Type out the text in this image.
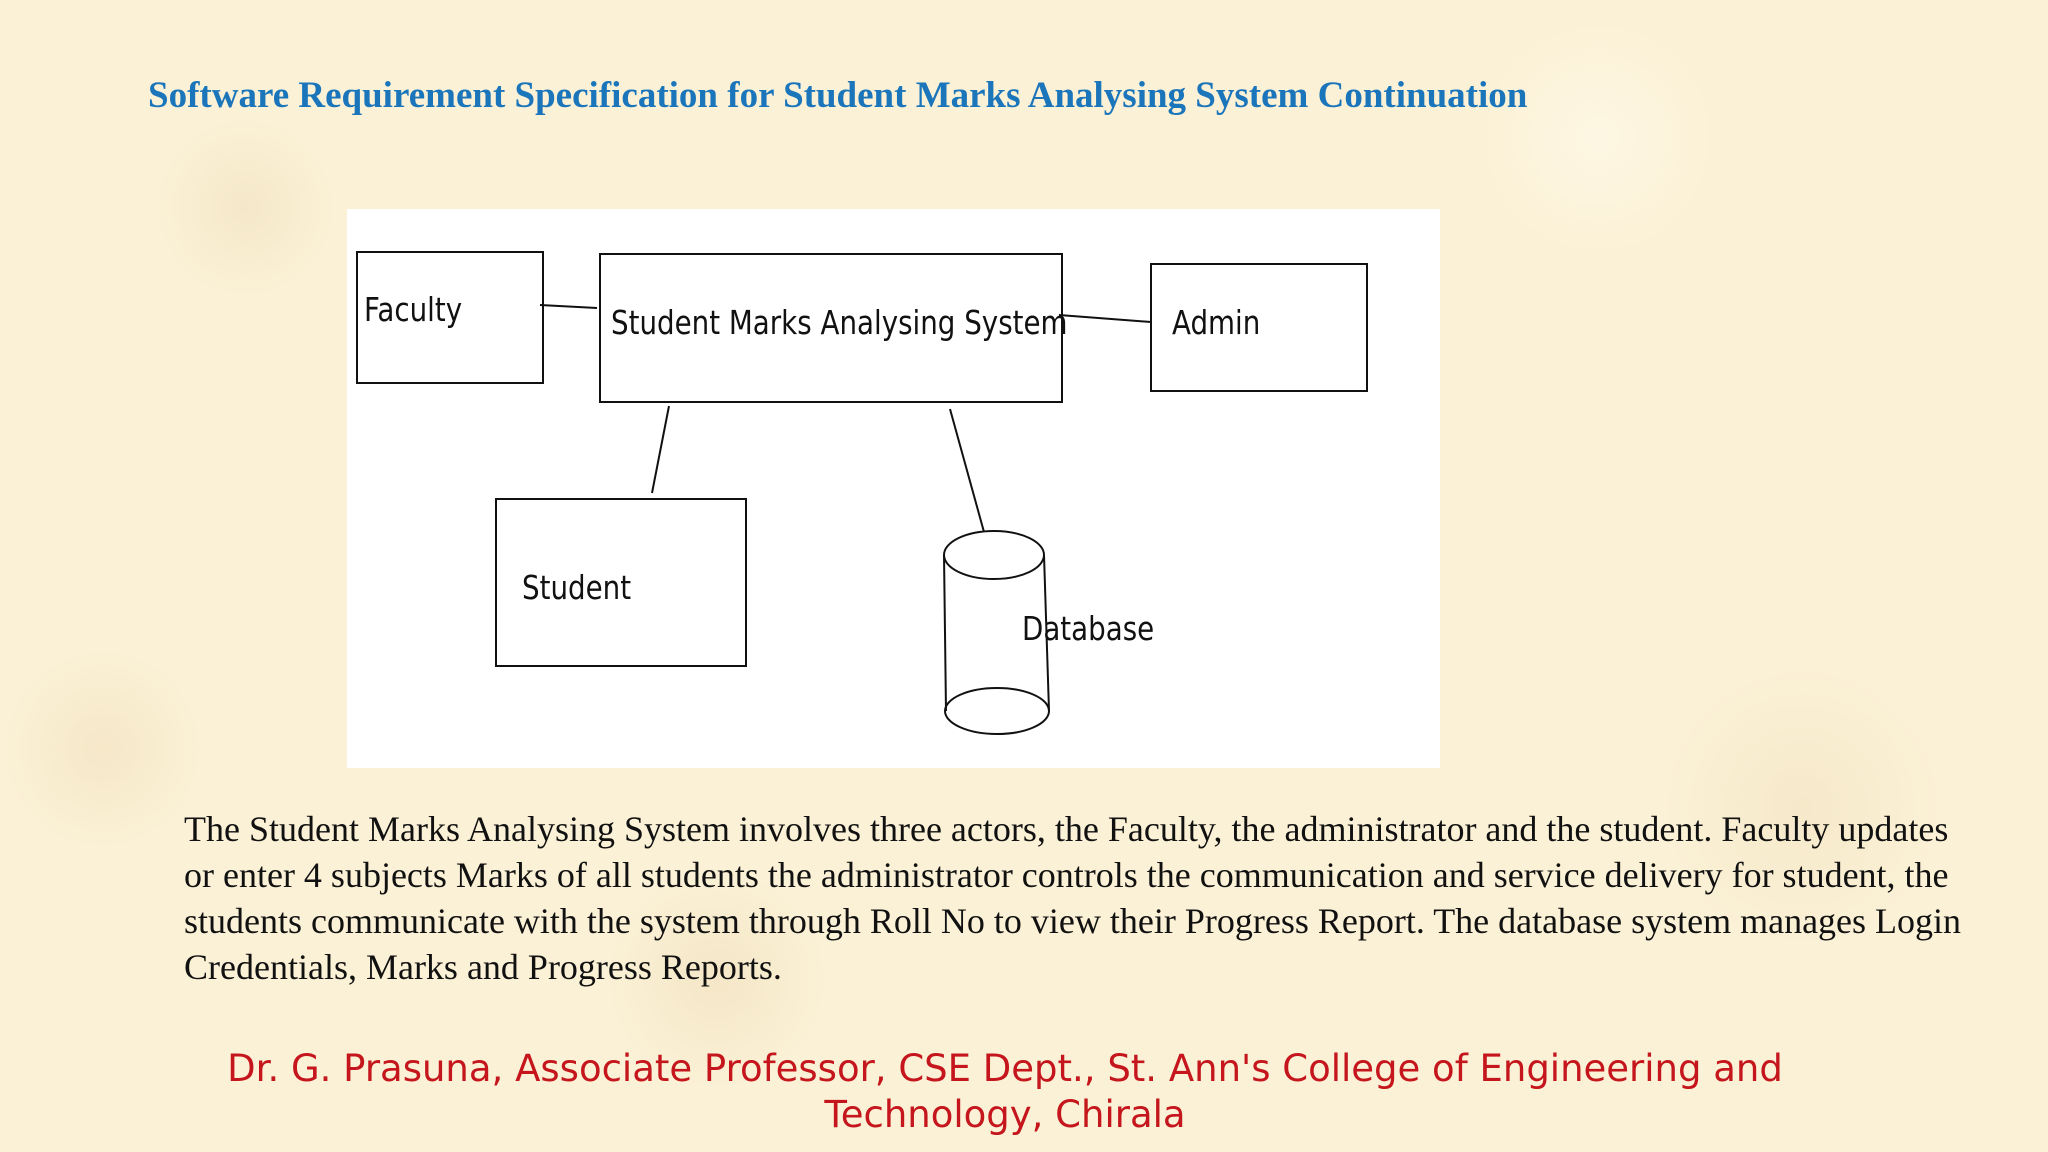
Software Requirement Specification for Student Marks Analysing System Continuation
Faculty	Student Marks Analysing System	Admin
Student
Database

The Student Marks Analysing System involves three actors, the Faculty, the administrator and the student. Faculty updates or enter 4 subjects Marks of all students the administrator controls the communication and service delivery for student, the students communicate with the system through Roll No to view their Progress Report. The database system manages Login Credentials, Marks and Progress Reports.

Dr. G. Prasuna, Associate Professor, CSE Dept., St. Ann's College of Engineering and Technology, Chirala
